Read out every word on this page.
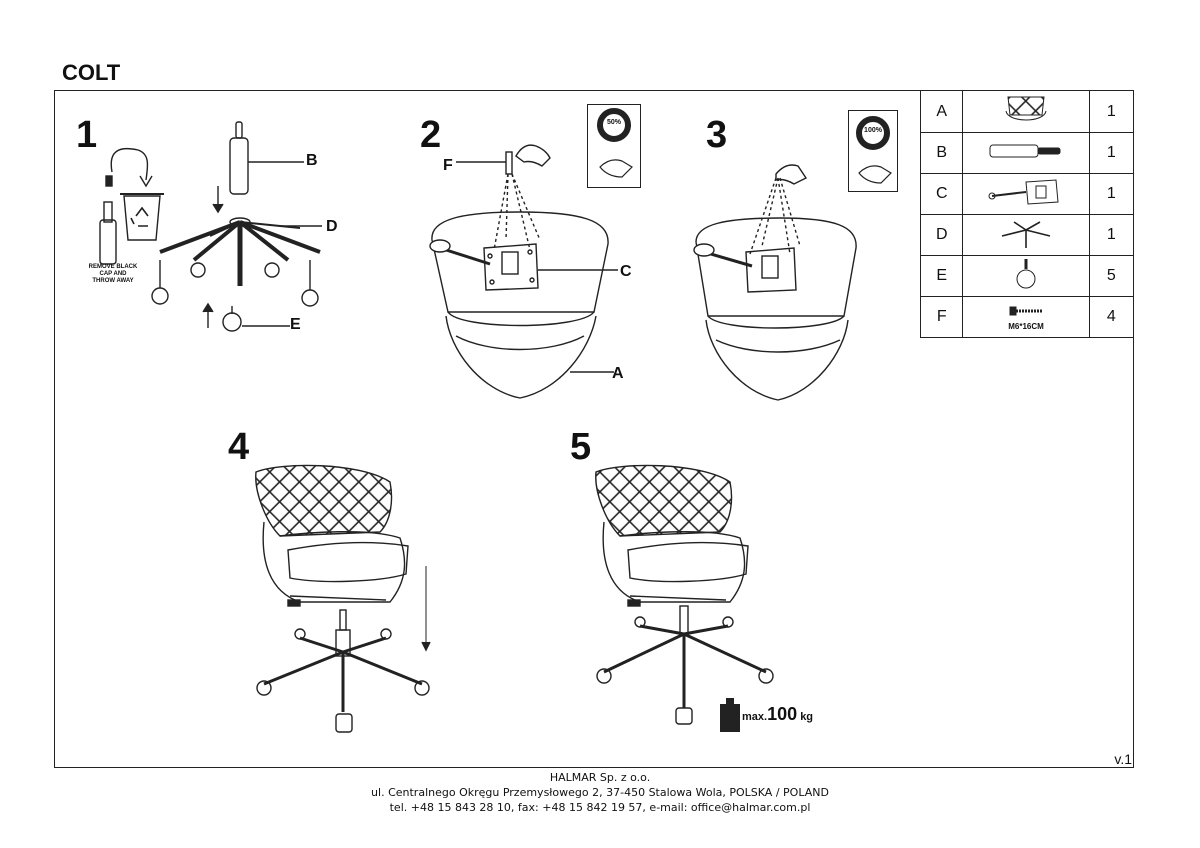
COLT
1	2	3
4	5
REMOVE BLACK CAP AND THROW AWAY
B
D
E
F
C
A
50%
100%
max.100 kg
A		1
B		1
C		1
D		1
E		5
F	M6*16CM	4
v.1
HALMAR Sp. z o.o.
ul. Centralnego Okręgu Przemysłowego 2, 37-450 Stalowa Wola, POLSKA / POLAND
tel. +48 15 843 28 10, fax: +48 15 842 19 57, e-mail: office@halmar.com.pl
